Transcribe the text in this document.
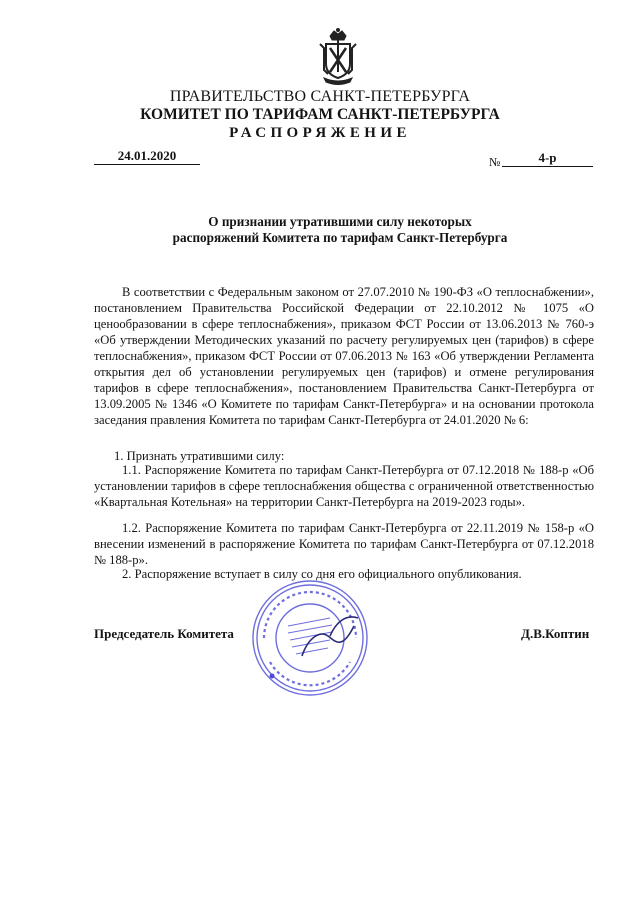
ПРАВИТЕЛЬСТВО САНКТ-ПЕТЕРБУРГА
КОМИТЕТ ПО ТАРИФАМ САНКТ-ПЕТЕРБУРГА
РАСПОРЯЖЕНИЕ
24.01.2020	№	4-р
О признании утратившими силу некоторых
распоряжений Комитета по тарифам Санкт-Петербурга
В соответствии с Федеральным законом от 27.07.2010 № 190-ФЗ «О теплоснабжении», постановлением Правительства Российской Федерации от 22.10.2012 № 1075 «О ценообразовании в сфере теплоснабжения», приказом ФСТ России от 13.06.2013 № 760-э «Об утверждении Методических указаний по расчету регулируемых цен (тарифов) в сфере теплоснабжения», приказом ФСТ России от 07.06.2013 № 163 «Об утверждении Регламента открытия дел об установлении регулируемых цен (тарифов) и отмене регулирования тарифов в сфере теплоснабжения», постановлением Правительства Санкт-Петербурга от 13.09.2005 № 1346 «О Комитете по тарифам Санкт-Петербурга» и на основании протокола заседания правления Комитета по тарифам Санкт-Петербурга от 24.01.2020 № 6:
1. Признать утратившими силу:
1.1. Распоряжение Комитета по тарифам Санкт-Петербурга от 07.12.2018 № 188-р «Об установлении тарифов в сфере теплоснабжения общества с ограниченной ответственностью «Квартальная Котельная» на территории Санкт-Петербурга на 2019-2023 годы».
1.2. Распоряжение Комитета по тарифам Санкт-Петербурга от 22.11.2019 № 158-р «О внесении изменений в распоряжение Комитета по тарифам Санкт-Петербурга от 07.12.2018 № 188-р».
2. Распоряжение вступает в силу со дня его официального опубликования.
Председатель Комитета	Д.В.Коптин
